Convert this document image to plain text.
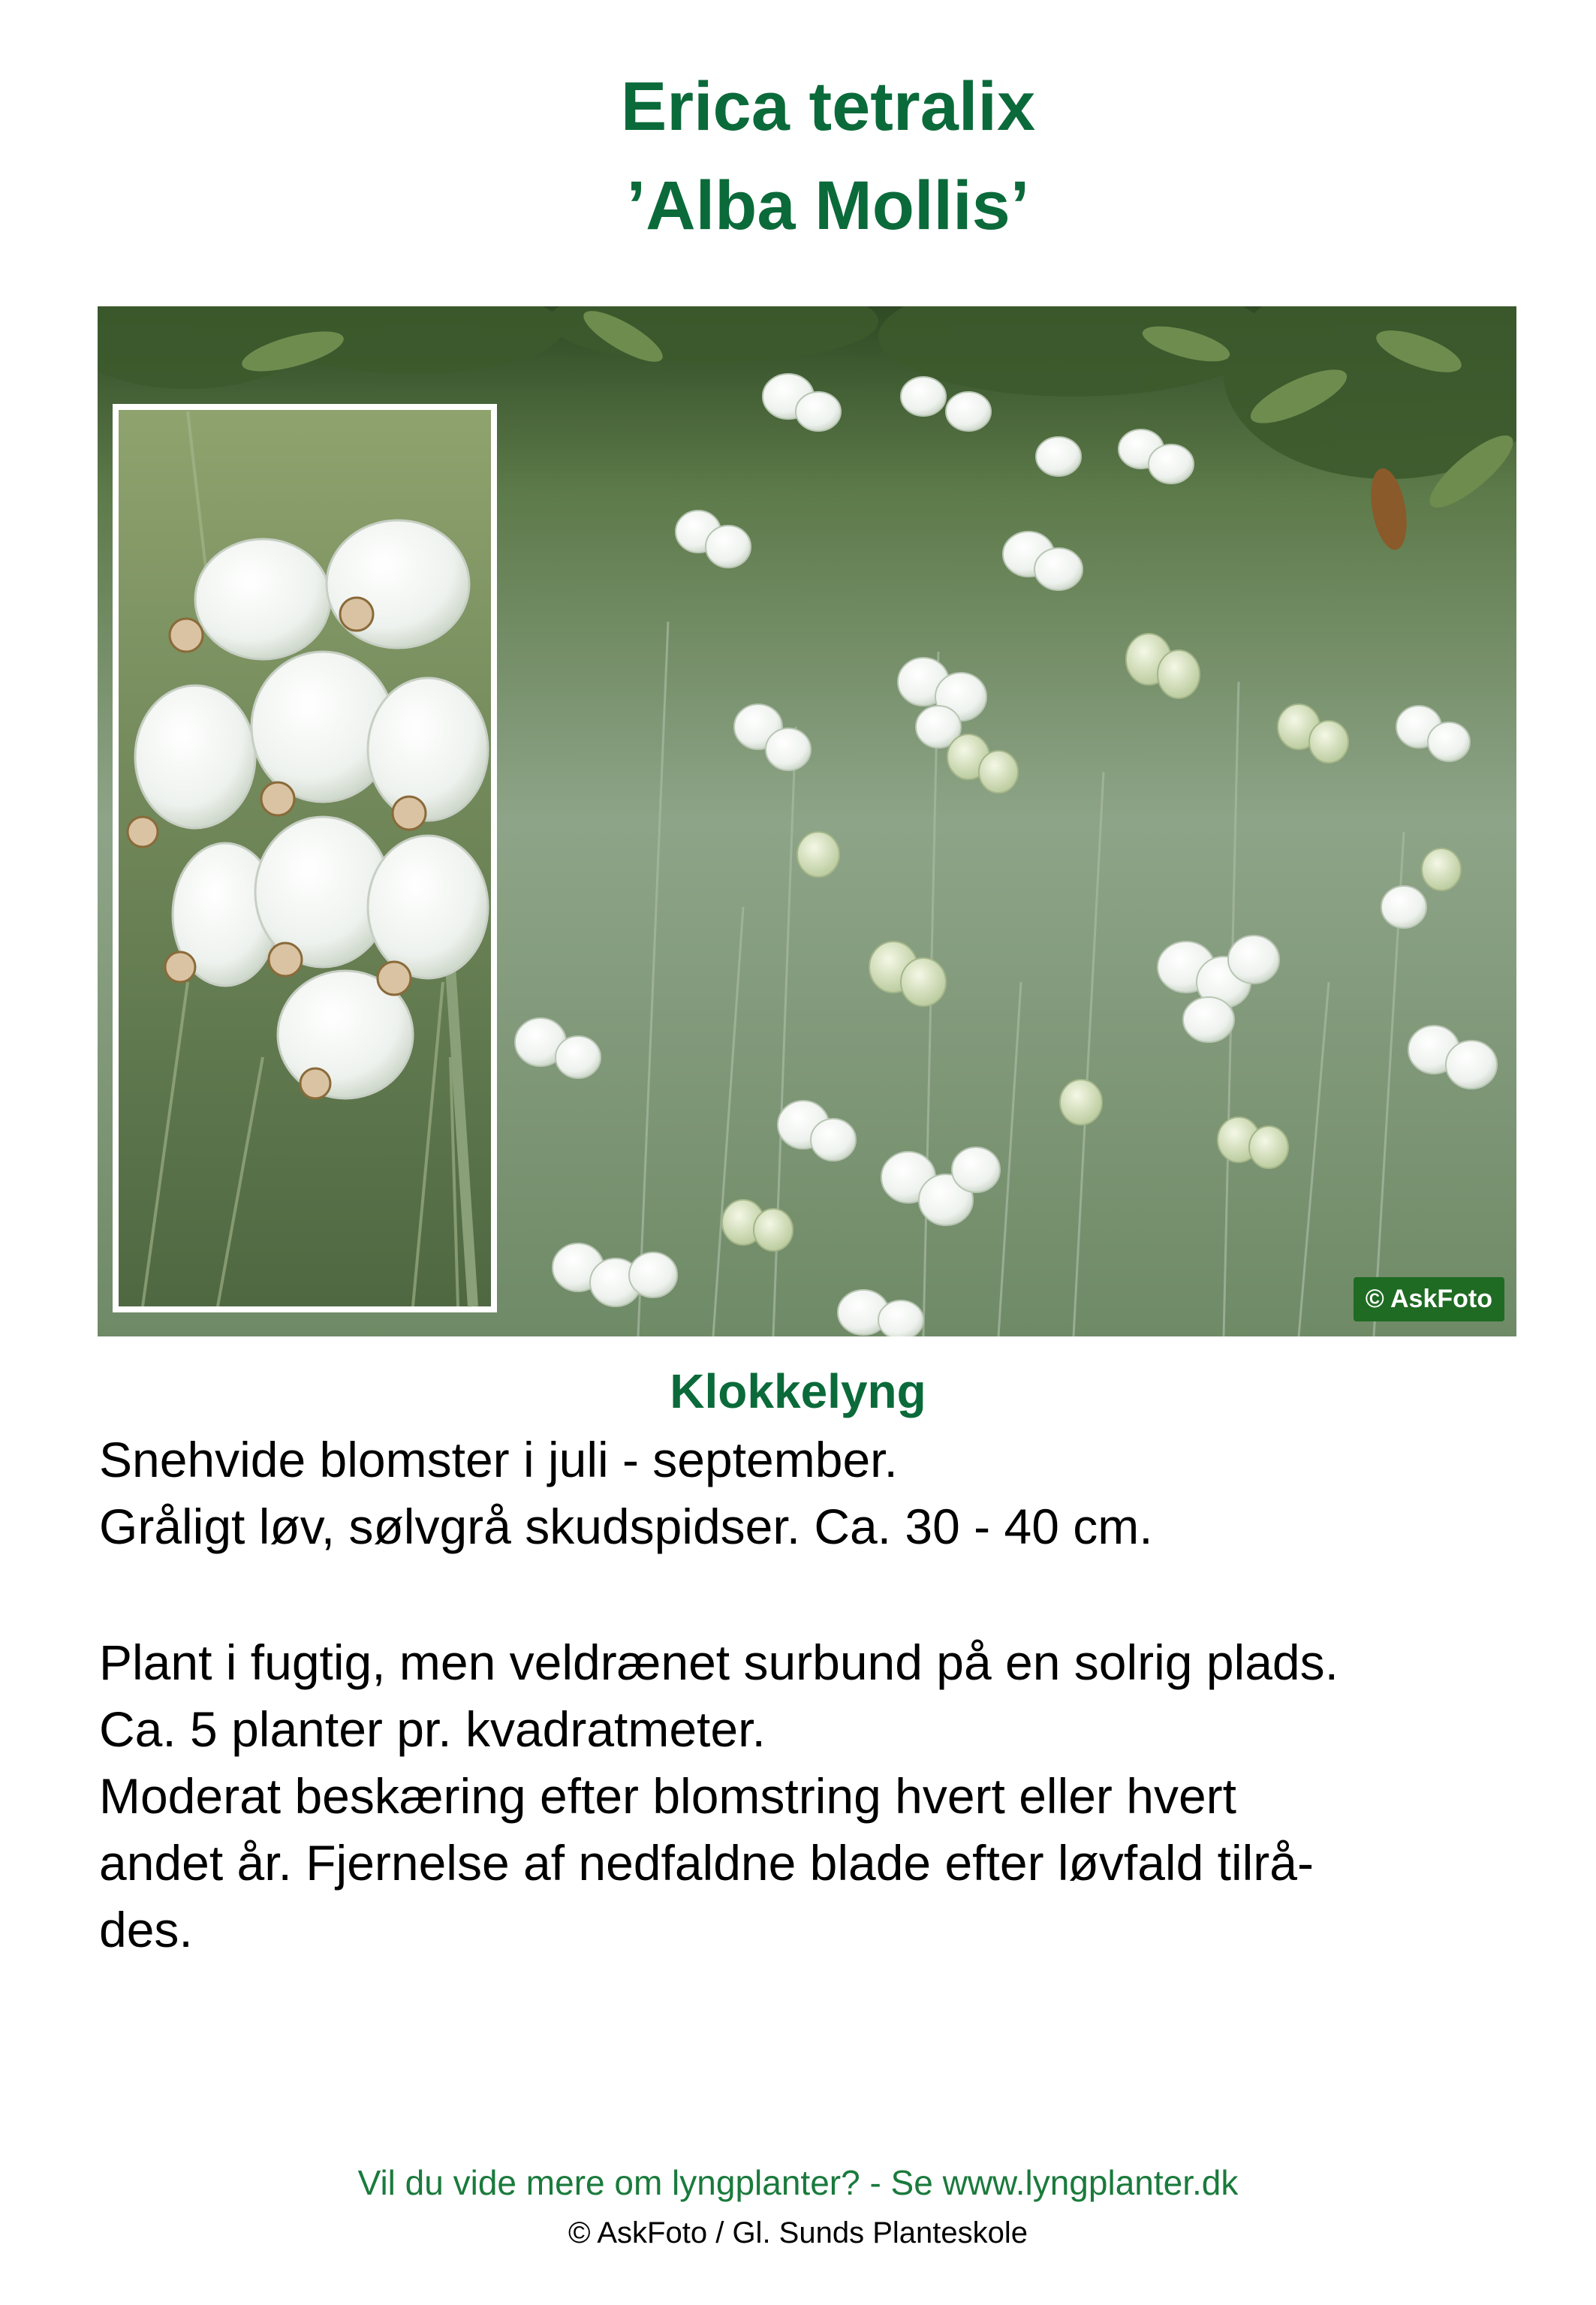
Erica tetralix
’Alba Mollis’
© AskFoto
Klokkelyng
Snehvide blomster i juli - september.
Gråligt løv, sølvgrå skudspidser. Ca. 30 - 40 cm.
Plant i fugtig, men veldrænet surbund på en solrig plads.
Ca. 5 planter pr. kvadratmeter.
Moderat beskæring efter blomstring hvert eller hvert
andet år. Fjernelse af nedfaldne blade efter løvfald tilrå-
des.
Vil du vide mere om lyngplanter? - Se www.lyngplanter.dk
© AskFoto / Gl. Sunds Planteskole
